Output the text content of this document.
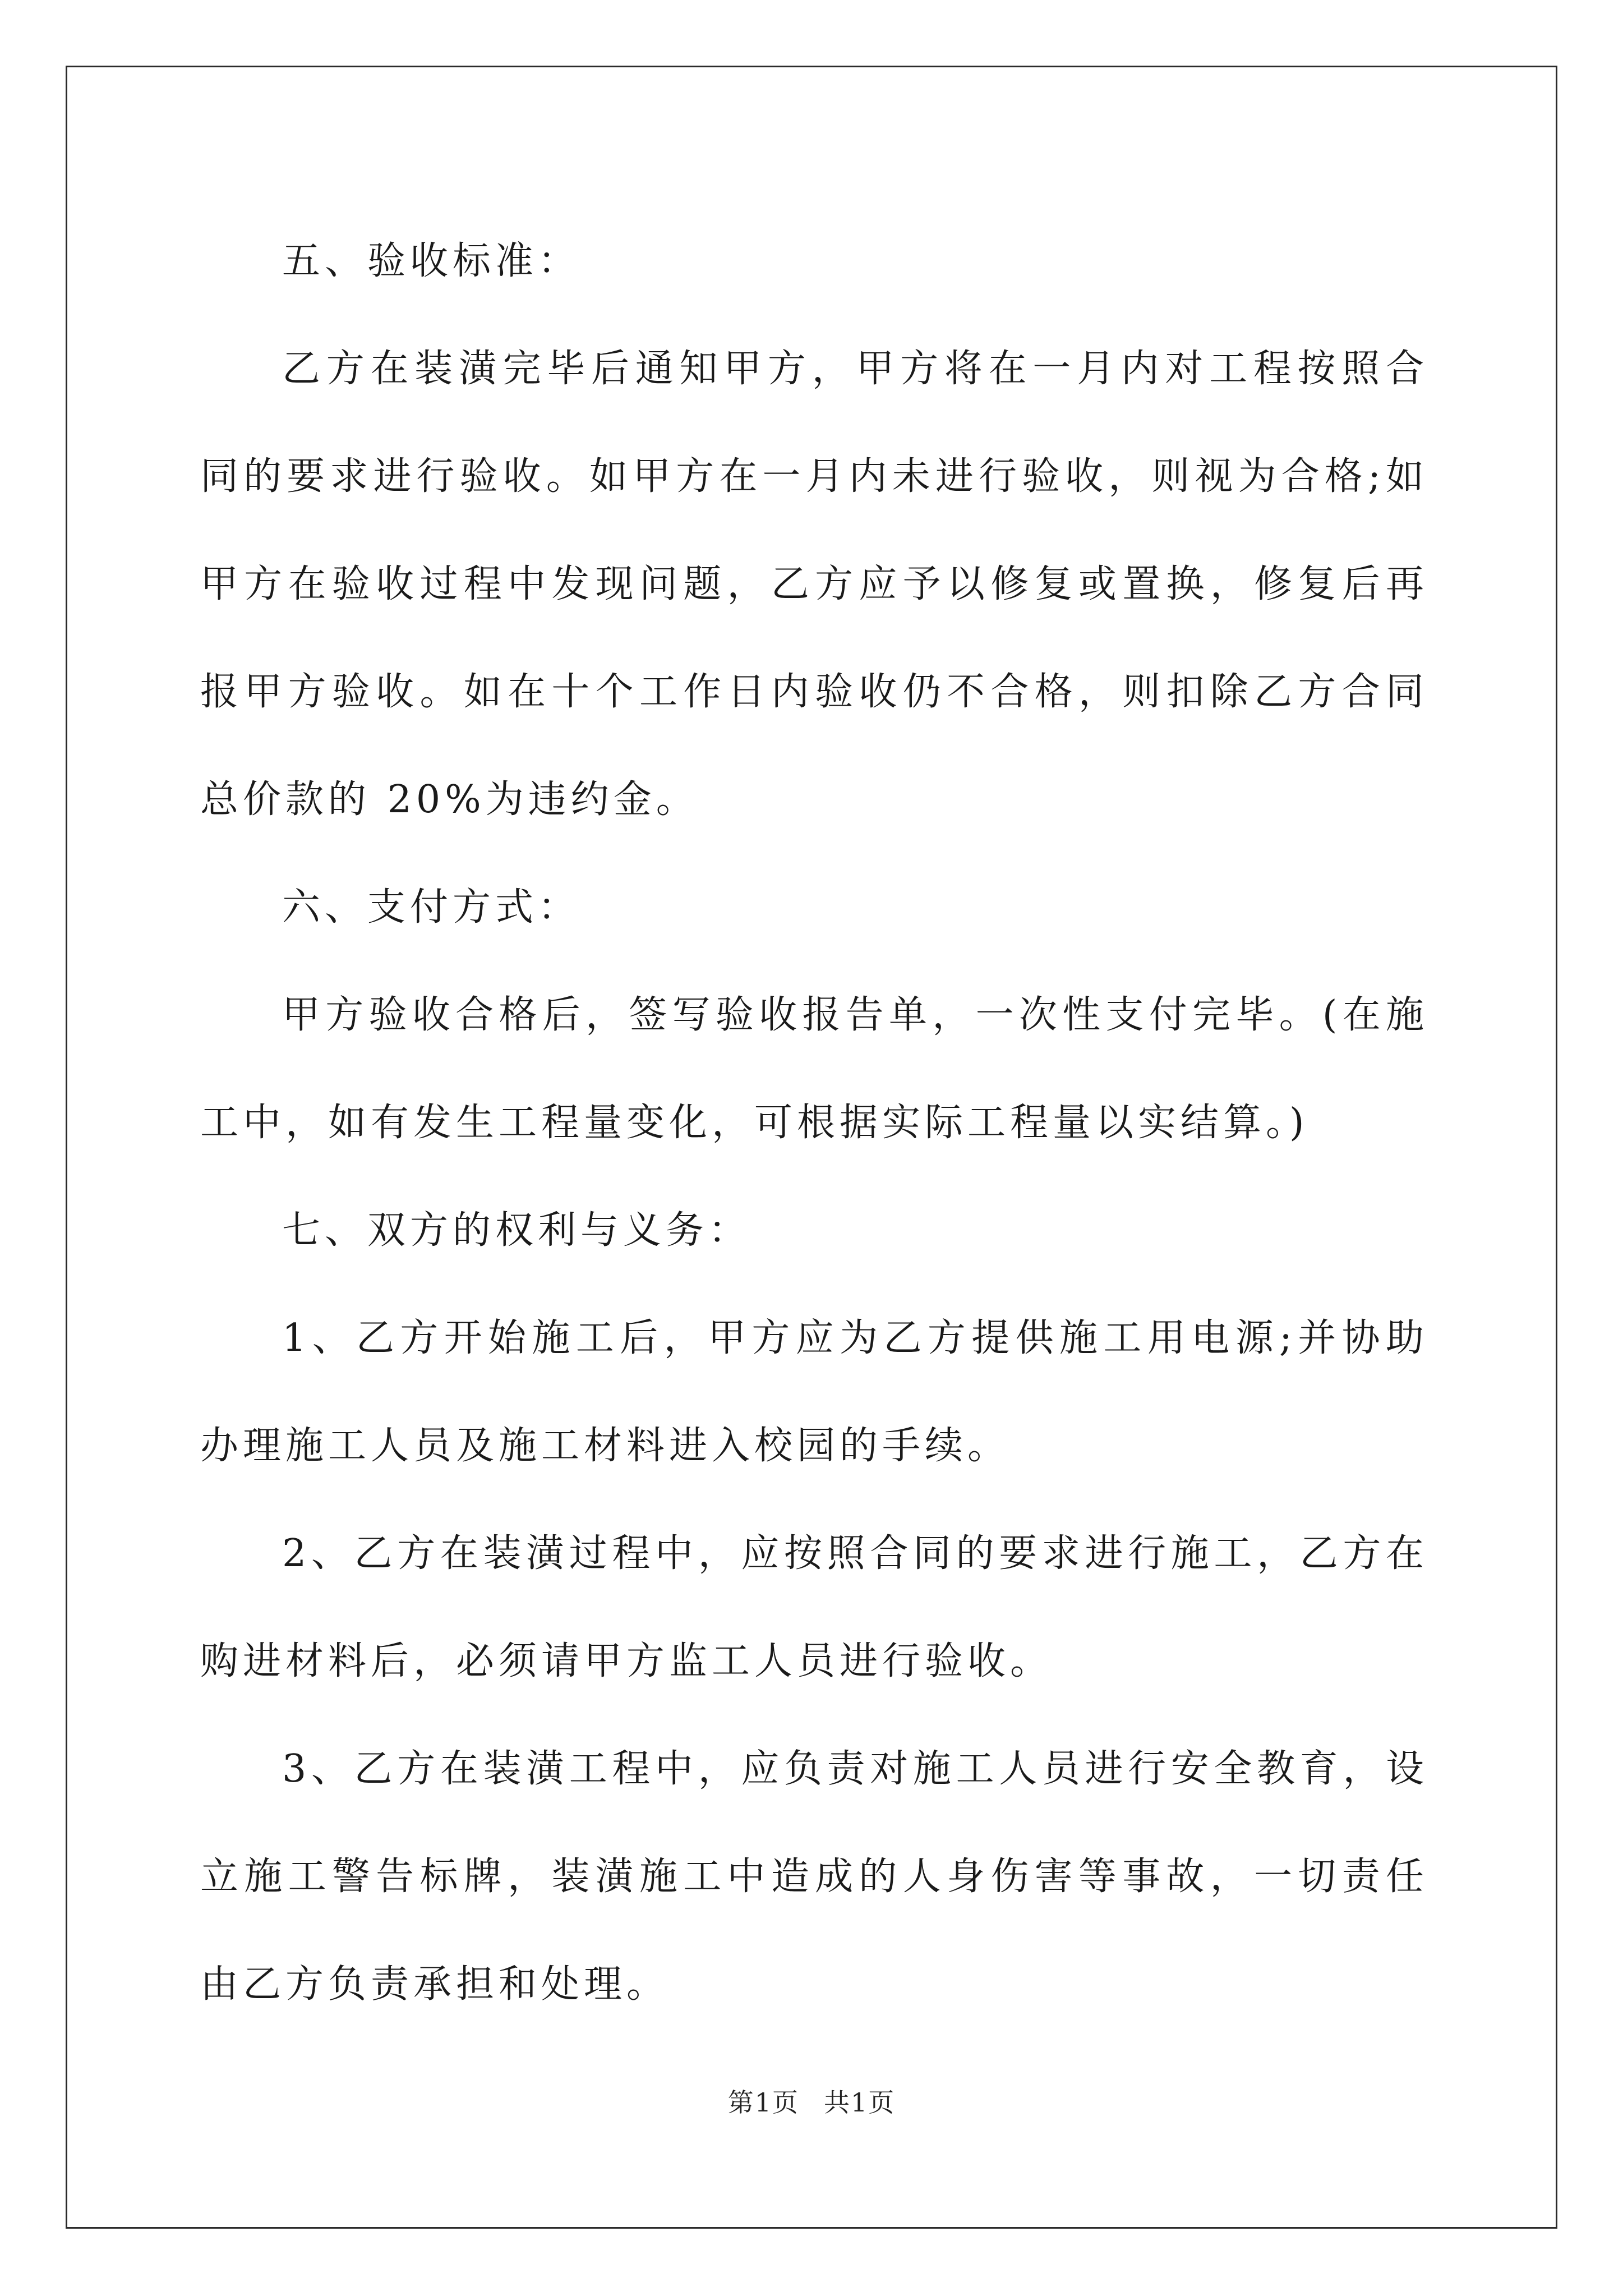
五、验收标准：

乙方在装潢完毕后通知甲方，甲方将在一月内对工程按照合同的要求进行验收。如甲方在一月内未进行验收，则视为合格;如甲方在验收过程中发现问题，乙方应予以修复或置换，修复后再报甲方验收。如在十个工作日内验收仍不合格，则扣除乙方合同总价款的 20%为违约金。

六、支付方式：

甲方验收合格后，签写验收报告单，一次性支付完毕。(在施工中，如有发生工程量变化，可根据实际工程量以实结算。)

七、双方的权利与义务：

1、乙方开始施工后，甲方应为乙方提供施工用电源;并协助办理施工人员及施工材料进入校园的手续。

2、乙方在装潢过程中，应按照合同的要求进行施工，乙方在购进材料后，必须请甲方监工人员进行验收。

3、乙方在装潢工程中，应负责对施工人员进行安全教育，设立施工警告标牌，装潢施工中造成的人身伤害等事故，一切责任由乙方负责承担和处理。

第1页 共1页
